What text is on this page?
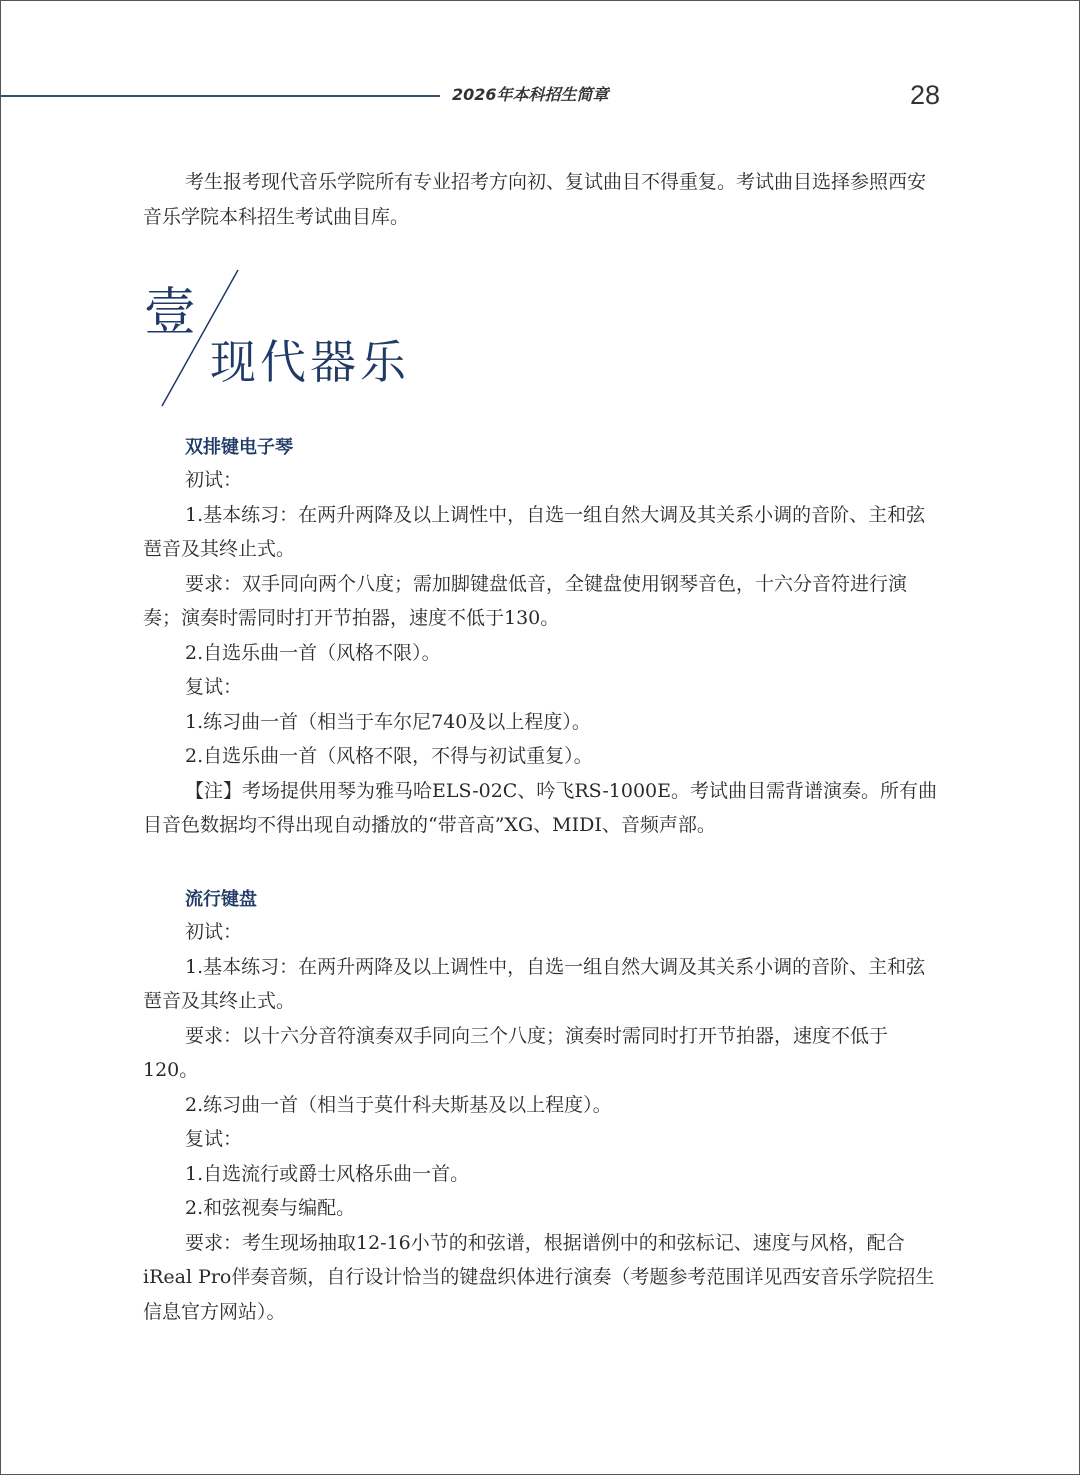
2026年本科招生简章	28

考生报考现代音乐学院所有专业招考方向初、复试曲目不得重复。考试曲目选择参照西安音乐学院本科招生考试曲目库。

壹
现代器乐
双排键电子琴

初试：

1.基本练习：在两升两降及以上调性中，自选一组自然大调及其关系小调的音阶、主和弦琶音及其终止式。

要求：双手同向两个八度；需加脚键盘低音，全键盘使用钢琴音色，十六分音符进行演奏；演奏时需同时打开节拍器，速度不低于130。

2.自选乐曲一首（风格不限）。

复试：

1.练习曲一首（相当于车尔尼740及以上程度）。

2.自选乐曲一首（风格不限，不得与初试重复）。

【注】考场提供用琴为雅马哈ELS-02C、吟飞RS-1000E。考试曲目需背谱演奏。所有曲目音色数据均不得出现自动播放的“带音高”XG、MIDI、音频声部。

流行键盘

初试：

1.基本练习：在两升两降及以上调性中，自选一组自然大调及其关系小调的音阶、主和弦琶音及其终止式。

要求：以十六分音符演奏双手同向三个八度；演奏时需同时打开节拍器，速度不低于120。

2.练习曲一首（相当于莫什科夫斯基及以上程度）。

复试：

1.自选流行或爵士风格乐曲一首。

2.和弦视奏与编配。

要求：考生现场抽取12-16小节的和弦谱，根据谱例中的和弦标记、速度与风格，配合iReal Pro伴奏音频，自行设计恰当的键盘织体进行演奏（考题参考范围详见西安音乐学院招生信息官方网站）。
